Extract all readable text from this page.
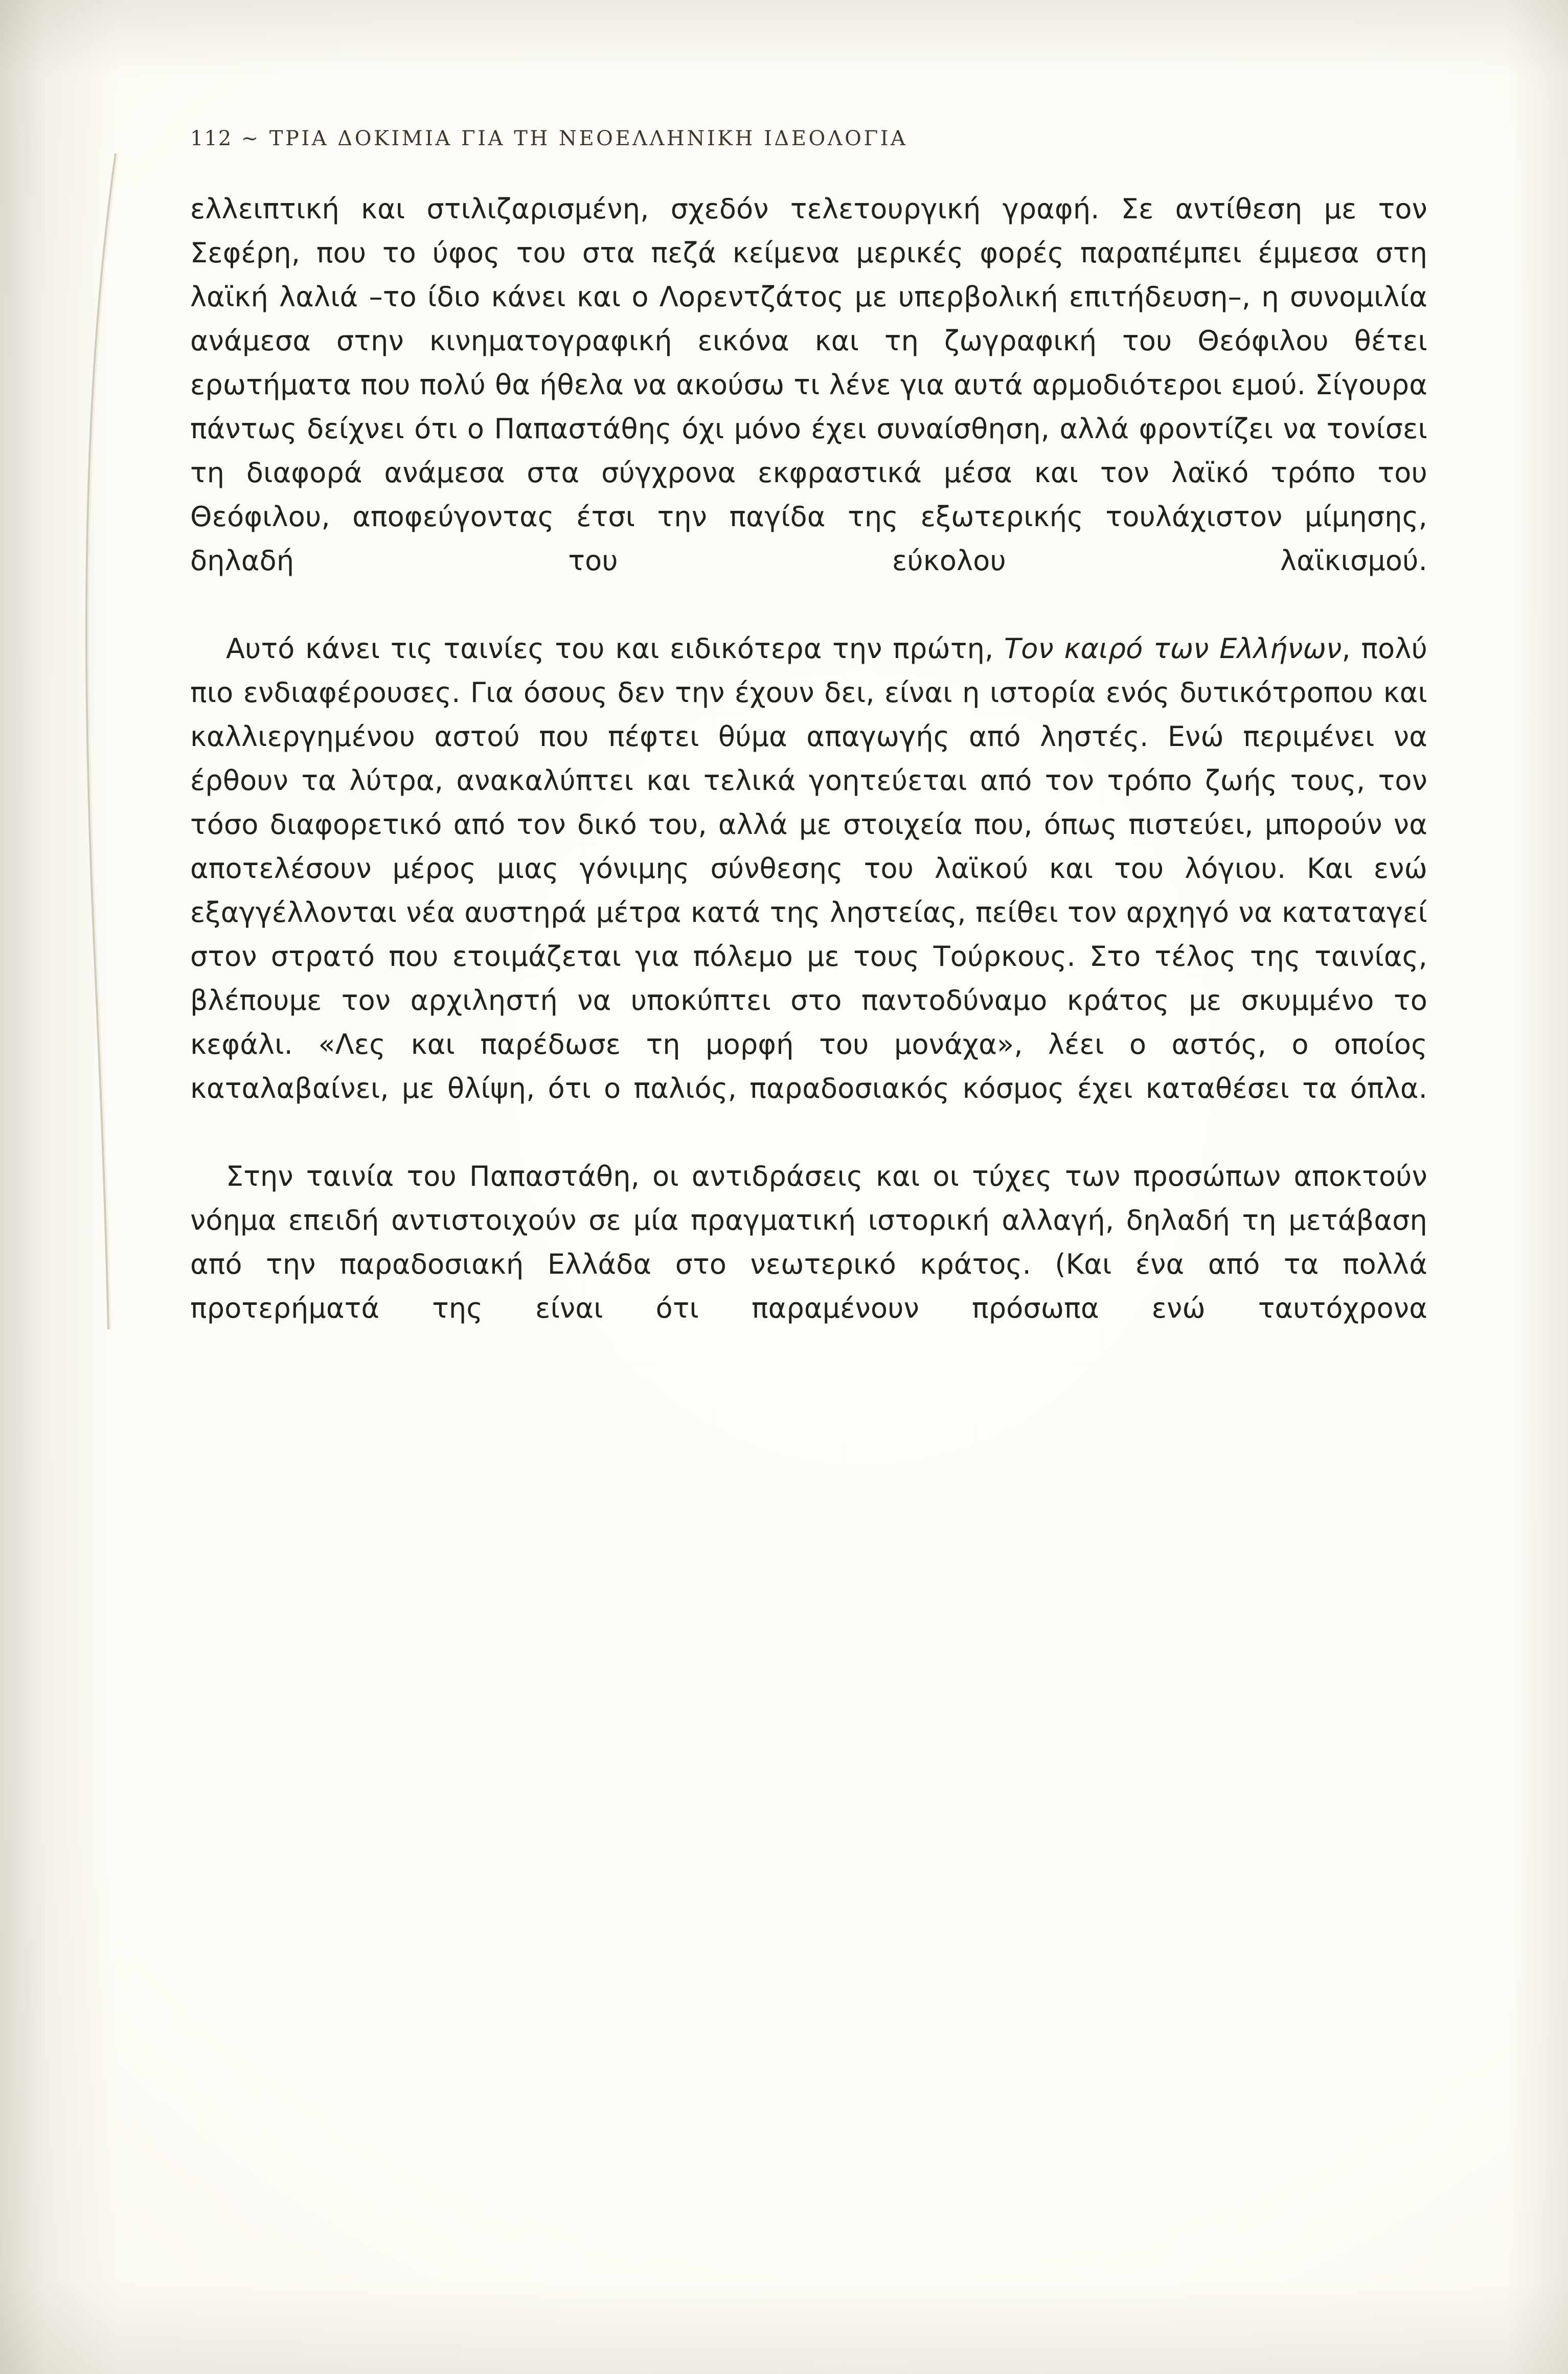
112 ~ ΤΡΙΑ ΔΟΚΙΜΙΑ ΓΙΑ ΤΗ ΝΕΟΕΛΛΗΝΙΚΗ ΙΔΕΟΛΟΓΙΑ

ελλειπτική και στιλιζαρισμένη, σχεδόν τελετουργική γραφή. Σε αντίθεση με τον Σεφέρη, που το ύφος του στα πεζά κείμενα μερικές φορές παραπέμπει έμμεσα στη λαϊκή λαλιά –το ίδιο κάνει και ο Λορεντζάτος με υπερβολική επιτήδευση–, η συνομιλία ανάμεσα στην κινηματογραφική εικόνα και τη ζωγραφική του Θεόφιλου θέτει ερωτήματα που πολύ θα ήθελα να ακούσω τι λένε για αυτά αρμοδιότεροι εμού. Σίγουρα πάντως δείχνει ότι ο Παπαστάθης όχι μόνο έχει συναίσθηση, αλλά φροντίζει να τονίσει τη διαφορά ανάμεσα στα σύγχρονα εκφραστικά μέσα και τον λαϊκό τρόπο του Θεόφιλου, αποφεύγοντας έτσι την παγίδα της εξωτερικής τουλάχιστον μίμησης, δηλαδή του εύκολου λαϊκισμού.

Αυτό κάνει τις ταινίες του και ειδικότερα την πρώτη, Τον καιρό των Ελλήνων, πολύ πιο ενδιαφέρουσες. Για όσους δεν την έχουν δει, είναι η ιστορία ενός δυτικότροπου και καλλιεργημένου αστού που πέφτει θύμα απαγωγής από ληστές. Ενώ περιμένει να έρθουν τα λύτρα, ανακαλύπτει και τελικά γοητεύεται από τον τρόπο ζωής τους, τον τόσο διαφορετικό από τον δικό του, αλλά με στοιχεία που, όπως πιστεύει, μπορούν να αποτελέσουν μέρος μιας γόνιμης σύνθεσης του λαϊκού και του λόγιου. Και ενώ εξαγγέλλονται νέα αυστηρά μέτρα κατά της ληστείας, πείθει τον αρχηγό να καταταγεί στον στρατό που ετοιμάζεται για πόλεμο με τους Τούρκους. Στο τέλος της ταινίας, βλέπουμε τον αρχιληστή να υποκύπτει στο παντοδύναμο κράτος με σκυμμένο το κεφάλι. «Λες και παρέδωσε τη μορφή του μονάχα», λέει ο αστός, ο οποίος καταλαβαίνει, με θλίψη, ότι ο παλιός, παραδοσιακός κόσμος έχει καταθέσει τα όπλα.

Στην ταινία του Παπαστάθη, οι αντιδράσεις και οι τύχες των προσώπων αποκτούν νόημα επειδή αντιστοιχούν σε μία πραγματική ιστορική αλλαγή, δηλαδή τη μετάβαση από την παραδοσιακή Ελλάδα στο νεωτερικό κράτος. (Και ένα από τα πολλά προτερήματά της είναι ότι παραμένουν πρόσωπα ενώ ταυτόχρονα
